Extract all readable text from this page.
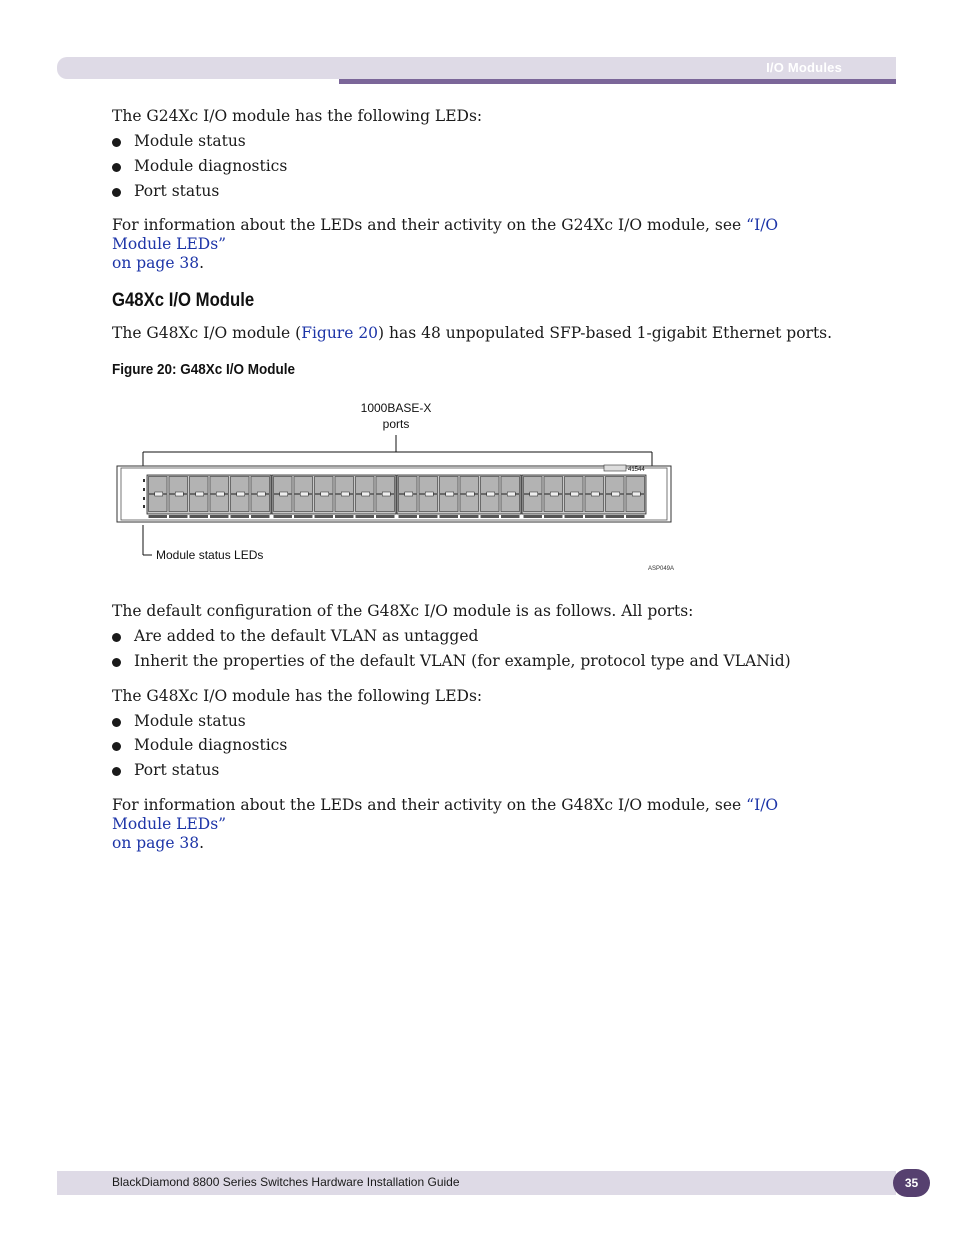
I/O Modules
The G24Xc I/O module has the following LEDs:
Module status
Module diagnostics
Port status
For information about the LEDs and their activity on the G24Xc I/O module, see “I/O Module LEDs”
on page 38.
G48Xc I/O Module
The G48Xc I/O module (Figure 20) has 48 unpopulated SFP-based 1-gigabit Ethernet ports.
Figure 20: G48Xc I/O Module
1000BASE-X
ports
41544
Module status LEDs
ASP049A
The default configuration of the G48Xc I/O module is as follows. All ports:
Are added to the default VLAN as untagged
Inherit the properties of the default VLAN (for example, protocol type and VLANid)
The G48Xc I/O module has the following LEDs:
Module status
Module diagnostics
Port status
For information about the LEDs and their activity on the G48Xc I/O module, see “I/O Module LEDs”
on page 38.
BlackDiamond 8800 Series Switches Hardware Installation Guide	35
